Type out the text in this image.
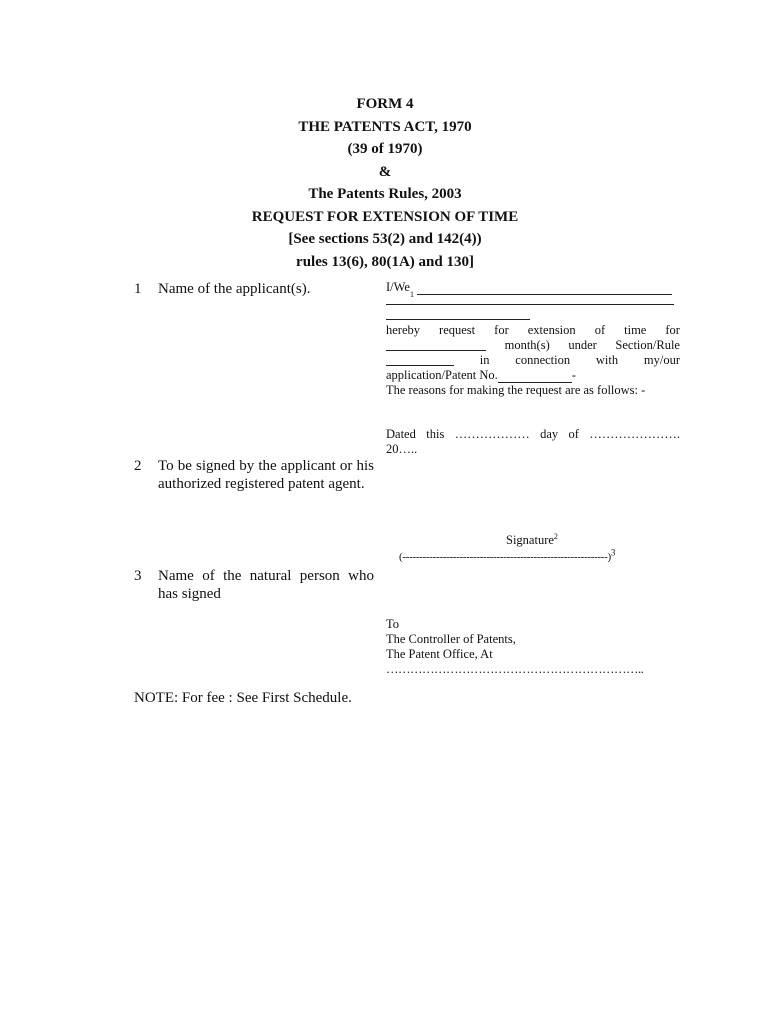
FORM 4
THE PATENTS ACT, 1970
(39 of 1970)
&
The Patents Rules, 2003
REQUEST FOR EXTENSION OF TIME
[See sections 53(2) and 142(4))
rules 13(6), 80(1A) and 130]
1 Name of the applicant(s).
2 To be signed by the applicant or his authorized registered patent agent.
3 Name of the natural person who has signed
I/We
1
hereby request for extension of time for
month(s) under Section/Rule
in connection with my/our
application/Patent No.	-
The reasons for making the request are as follows: -
Dated this ……………… day of ………………….
20…..
Signature$^2$
$(-------------------------------------------------------------)^3$
To
The Controller of Patents,
The Patent Office, At
………………………………………………………..
NOTE: For fee : See First Schedule.
